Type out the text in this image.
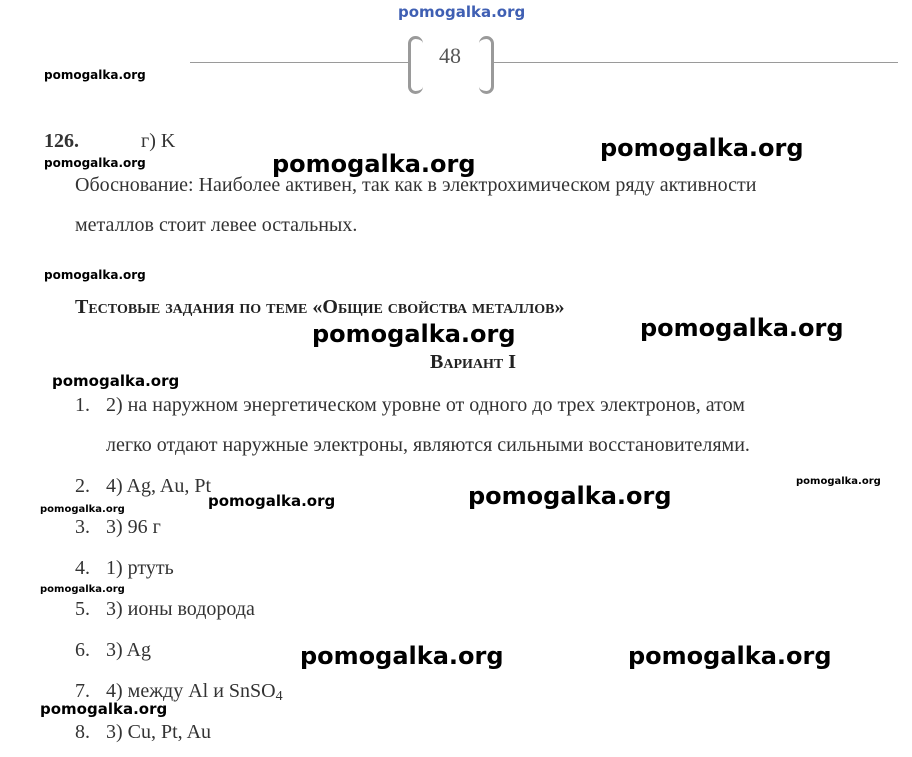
pomogalka.org
48
pomogalka.org
pomogalka.org	pomogalka.org
pomogalka.org
pomogalka.org
pomogalka.org	pomogalka.org
pomogalka.org
pomogalka.org
pomogalka.org
pomogalka.org
pomogalka.org
pomogalka.org
pomogalka.org	pomogalka.org
pomogalka.org
126.	г) K
Обоснование: Наиболее активен, так как в электрохимическом ряду активности
металлов стоит левее остальных.
Тестовые задания по теме «Общие свойства металлов»
Вариант I
1. 2) на наружном энергетическом уровне от одного до трех электронов, атом
легко отдают наружные электроны, являются сильными восстановителями.
2. 4) Ag, Au, Pt
3. 3) 96 г
4. 1) ртуть
5. 3) ионы водорода
6. 3) Ag
7. 4) между Al и SnSO$_4$
8. 3) Cu, Pt, Au
